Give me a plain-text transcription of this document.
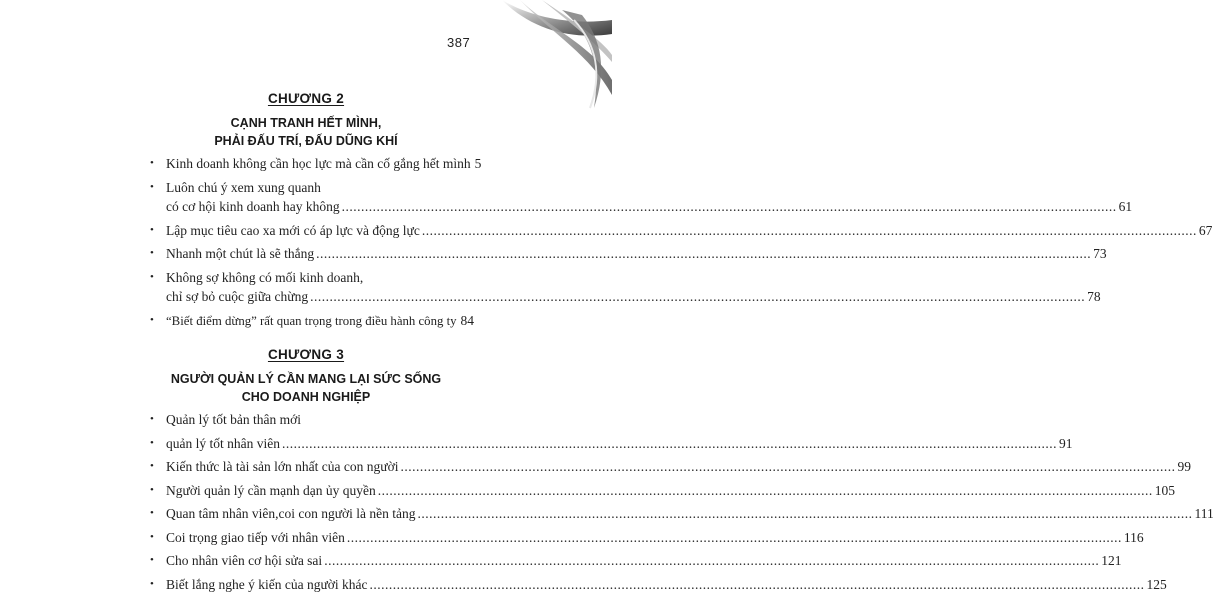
387
CHƯƠNG 2
CẠNH TRANH HẾT MÌNH,
PHẢI ĐẤU TRÍ, ĐẤU DŨNG KHÍ
• Kinh doanh không cần học lực mà cần cố gắng hết mình 5
• Luôn chú ý xem xung quanh
có cơ hội kinh doanh hay không ........................................................................................................................................................................................................ 61
• Lập mục tiêu cao xa mới có áp lực và động lực ........................................................................................................................................................................................................ 67
• Nhanh một chút là sẽ thắng ........................................................................................................................................................................................................ 73
• Không sợ không có mối kinh doanh,
chỉ sợ bỏ cuộc giữa chừng ........................................................................................................................................................................................................ 78
• “Biết điểm dừng” rất quan trọng trong điều hành công ty 84
CHƯƠNG 3
NGƯỜI QUẢN LÝ CẦN MANG LẠI SỨC SỐNG
CHO DOANH NGHIỆP
• Quản lý tốt bản thân mới
• quản lý tốt nhân viên ........................................................................................................................................................................................................ 91
• Kiến thức là tài sản lớn nhất của con người ........................................................................................................................................................................................................ 99
• Người quản lý cần mạnh dạn ủy quyền ........................................................................................................................................................................................................ 105
• Quan tâm nhân viên,coi con người là nền tảng ........................................................................................................................................................................................................ 111
• Coi trọng giao tiếp với nhân viên ........................................................................................................................................................................................................ 116
• Cho nhân viên cơ hội sửa sai ........................................................................................................................................................................................................ 121
• Biết lắng nghe ý kiến của người khác ........................................................................................................................................................................................................ 125
